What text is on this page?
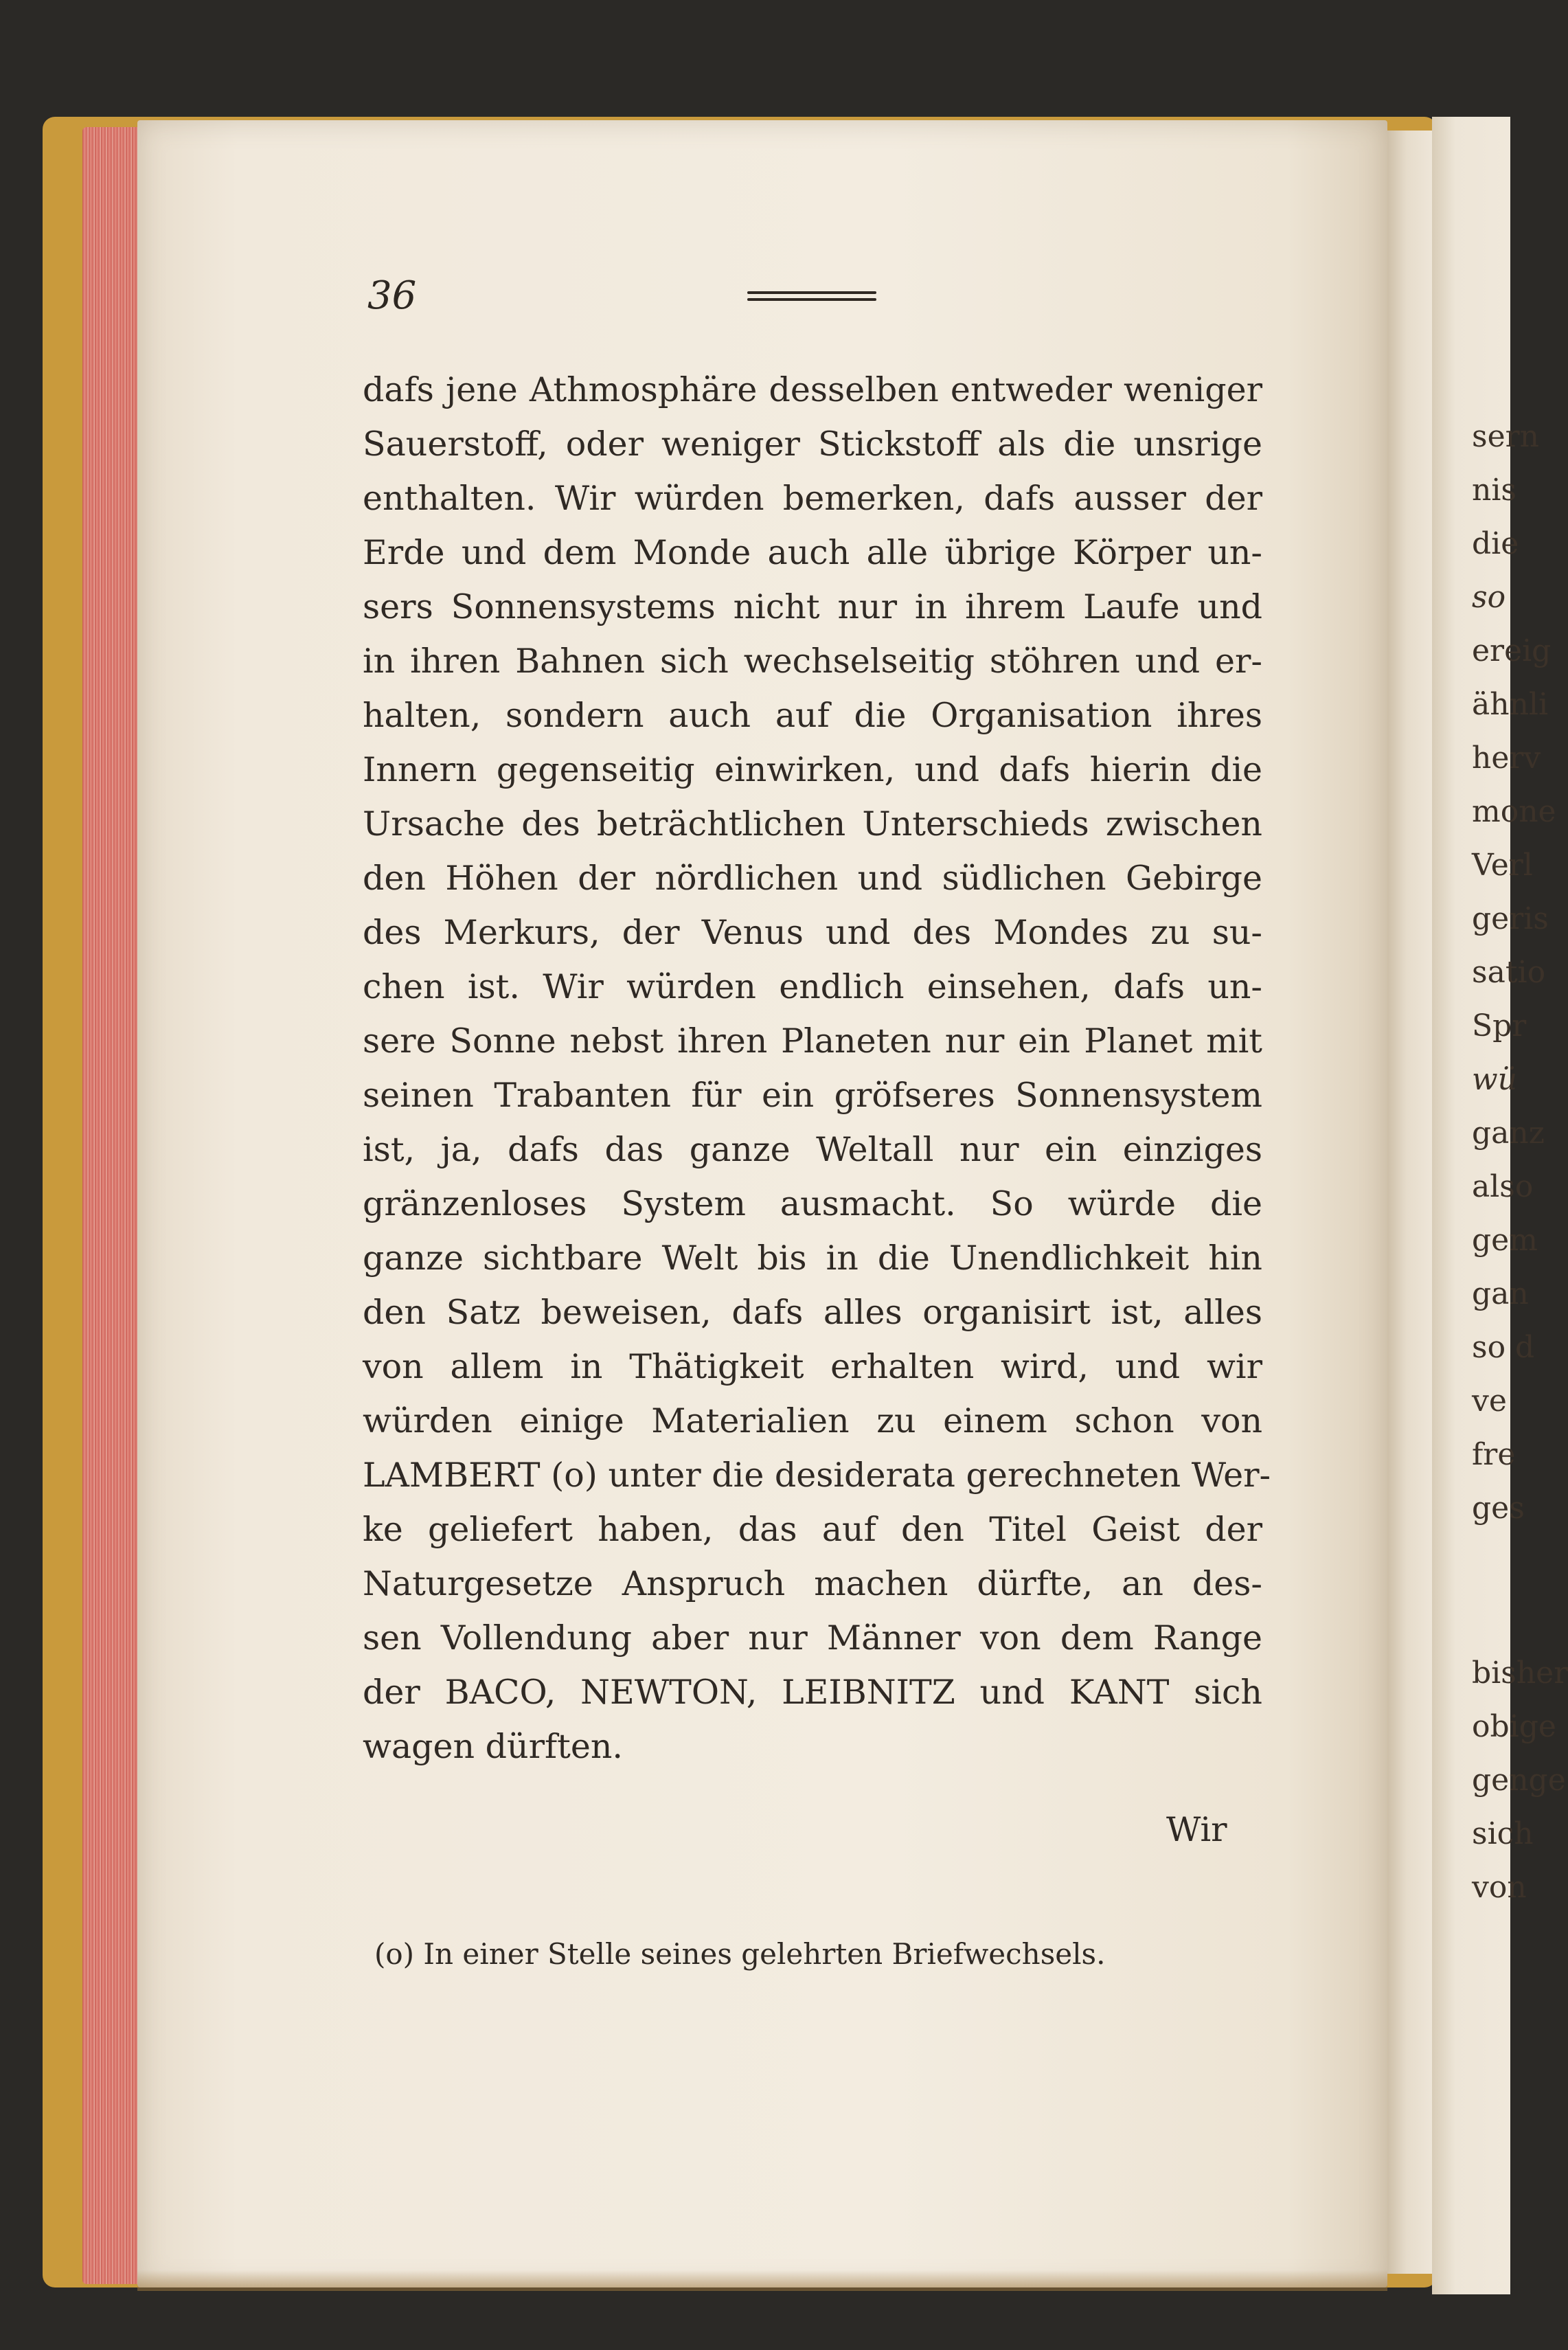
sern
nis
die
so
ereig
ähnli
herv
mone
Verl
geris
satio
Spr
wü
ganz
also
gem
gan
so d
ve
fre
ges
bisher
obige
genge
sich
von
36
dafs jene Athmosphäre desselben entweder weniger
Sauerstoff, oder weniger Stickstoff als die unsrige
enthalten. Wir würden bemerken, dafs ausser der
Erde und dem Monde auch alle übrige Körper un-
sers Sonnensystems nicht nur in ihrem Laufe und
in ihren Bahnen sich wechselseitig stöhren und er-
halten, sondern auch auf die Organisation ihres
Innern gegenseitig einwirken, und dafs hierin die
Ursache des beträchtlichen Unterschieds zwischen
den Höhen der nördlichen und südlichen Gebirge
des Merkurs, der Venus und des Mondes zu su-
chen ist. Wir würden endlich einsehen, dafs un-
sere Sonne nebst ihren Planeten nur ein Planet mit
seinen Trabanten für ein gröfseres Sonnensystem
ist, ja, dafs das ganze Weltall nur ein einziges
gränzenloses System ausmacht. So würde die
ganze sichtbare Welt bis in die Unendlichkeit hin
den Satz beweisen, dafs alles organisirt ist, alles
von allem in Thätigkeit erhalten wird, und wir
würden einige Materialien zu einem schon von
LAMBERT (o) unter die desiderata gerechneten Wer-
ke geliefert haben, das auf den Titel Geist der
Naturgesetze Anspruch machen dürfte, an des-
sen Vollendung aber nur Männer von dem Range
der BACO, NEWTON, LEIBNITZ und KANT sich
wagen dürften.
Wir
(o) In einer Stelle seines gelehrten Briefwechsels.
